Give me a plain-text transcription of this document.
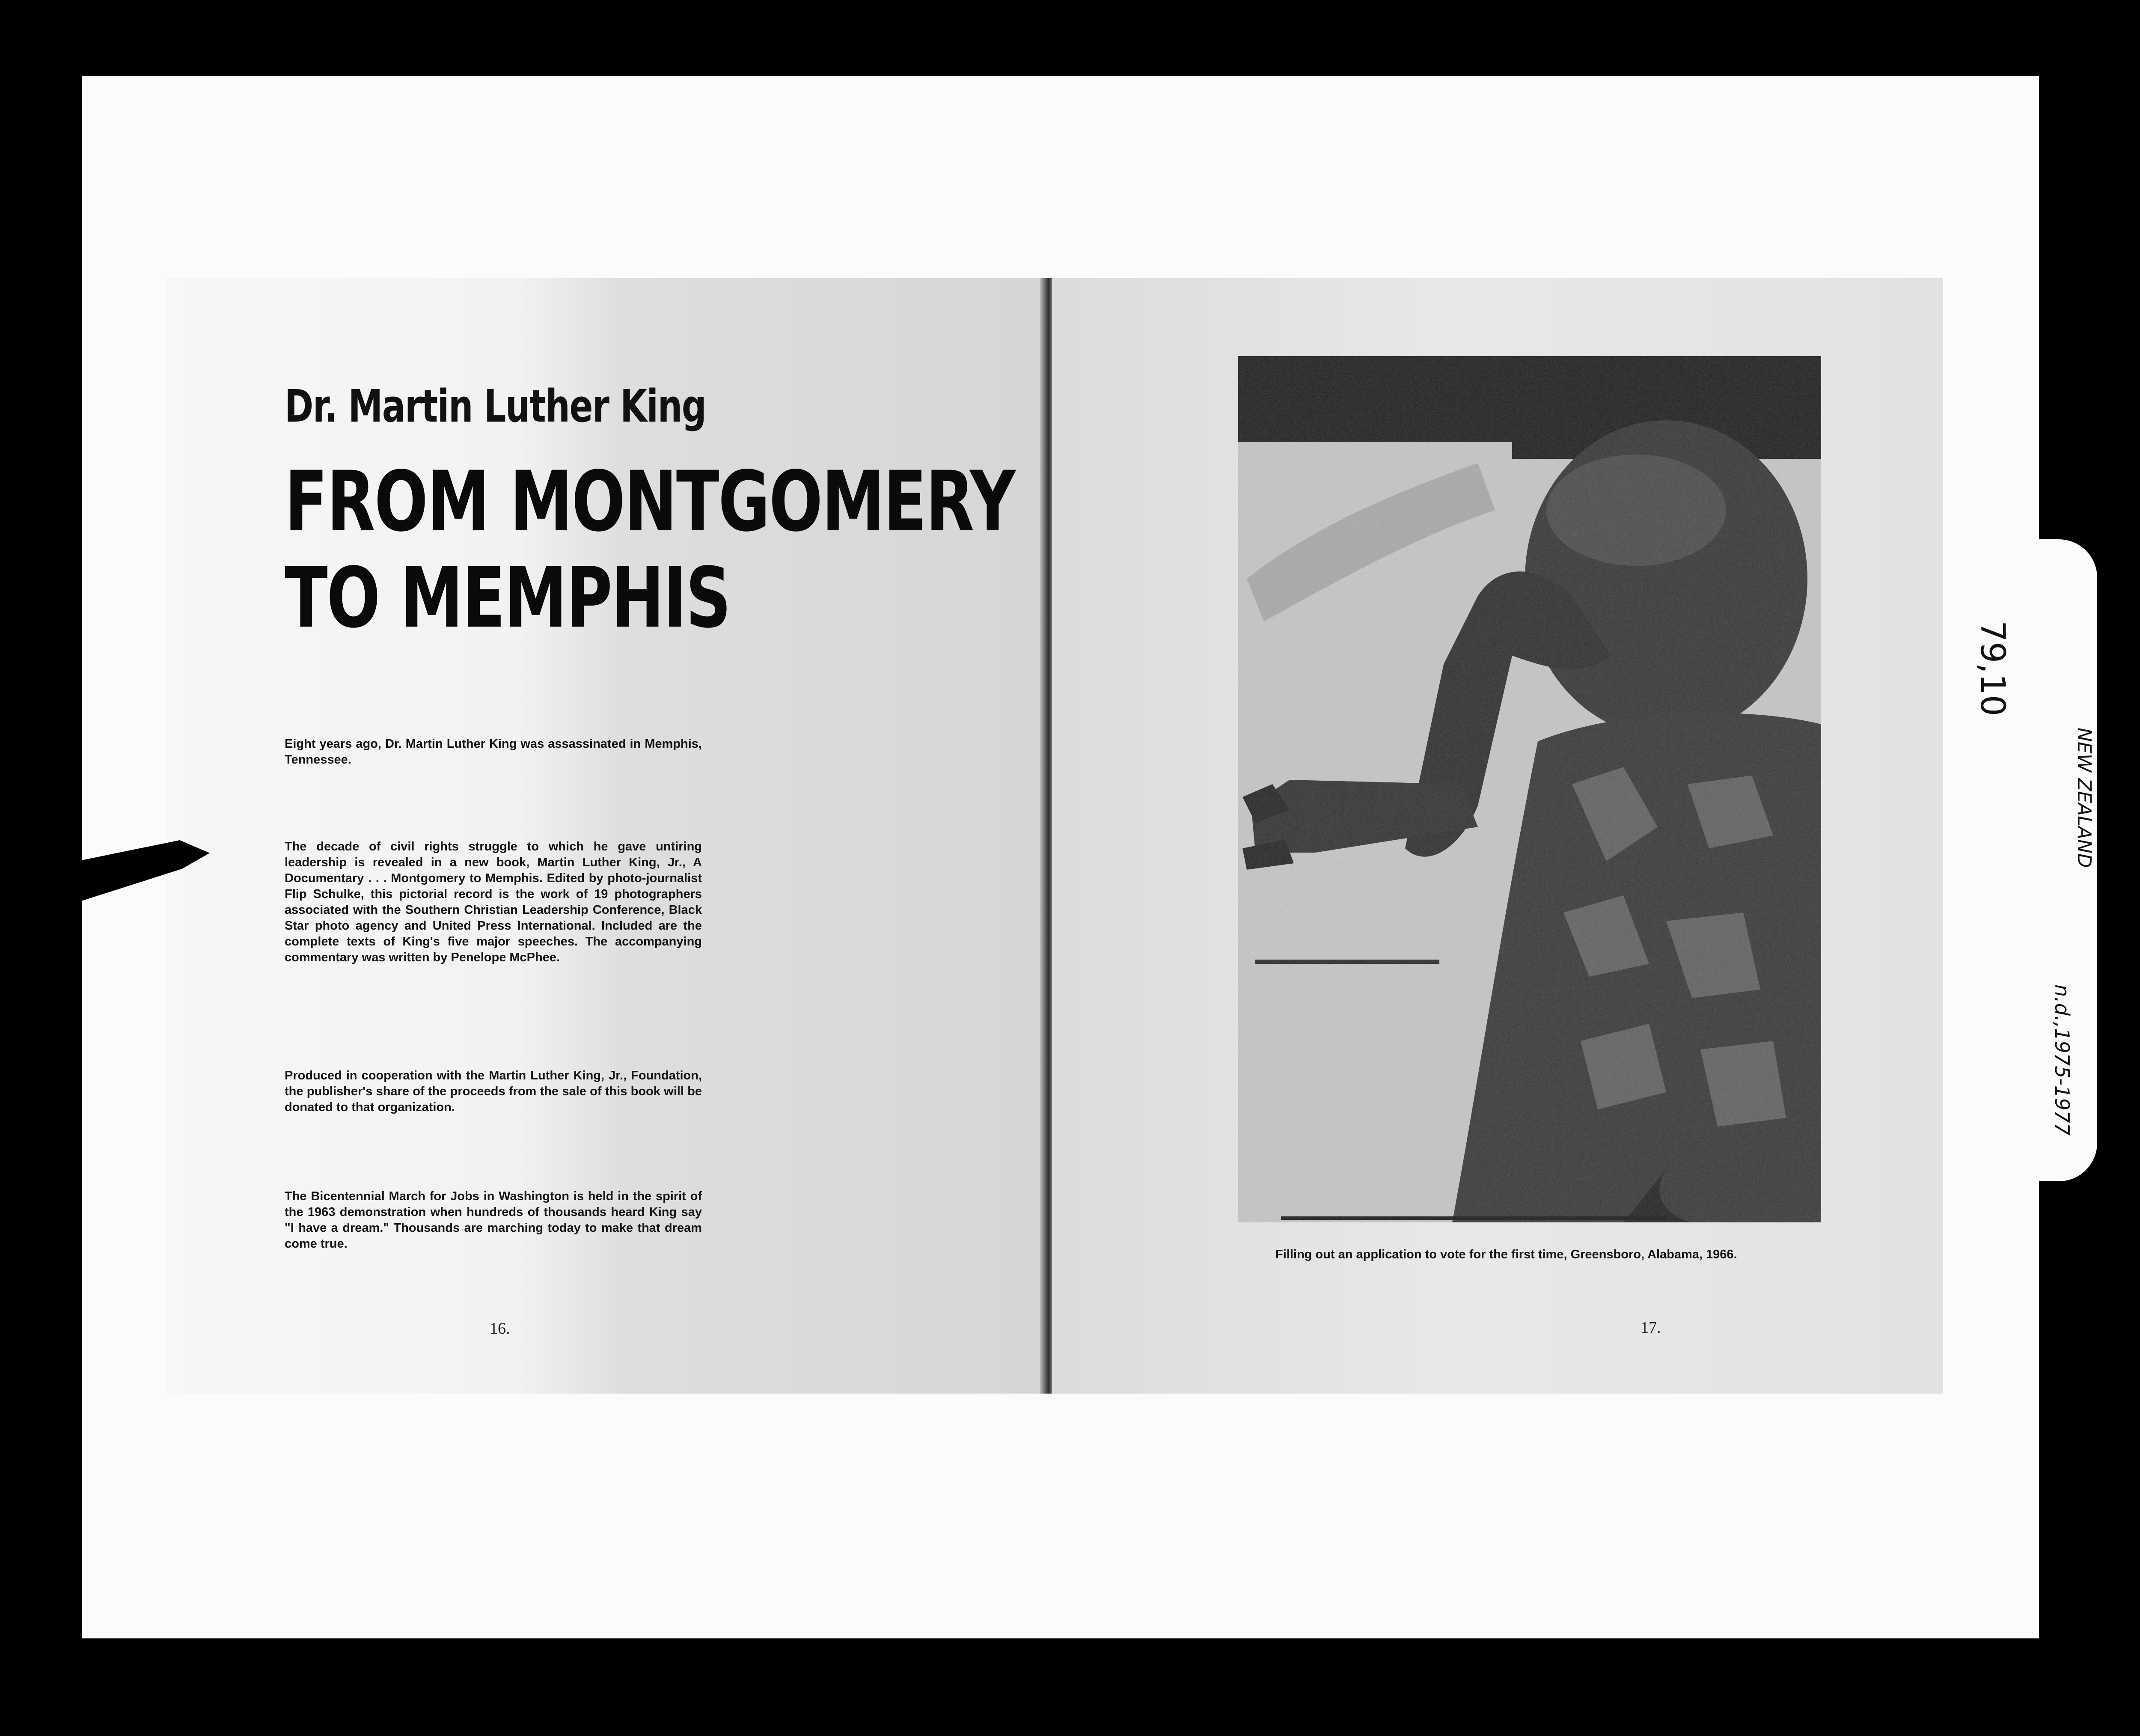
Dr. Martin Luther King
FROM MONTGOMERY
TO MEMPHIS

Eight years ago, Dr. Martin Luther King was assassinated in Memphis, Tennessee.

The decade of civil rights struggle to which he gave untiring leadership is revealed in a new book, Martin Luther King, Jr., A Documentary . . . Montgomery to Memphis. Edited by photo-journalist Flip Schulke, this pictorial record is the work of 19 photographers associated with the Southern Christian Leadership Conference, Black Star photo agency and United Press International. Included are the complete texts of King's five major speeches. The accompanying commentary was written by Penelope McPhee.

Produced in cooperation with the Martin Luther King, Jr., Foundation, the publisher's share of the proceeds from the sale of this book will be donated to that organization.

The Bicentennial March for Jobs in Washington is held in the spirit of the 1963 demonstration when hundreds of thousands heard King say "I have a dream." Thousands are marching today to make that dream come true.

16.	17.

Filling out an application to vote for the first time, Greensboro, Alabama, 1966.

79,10

NEW ZEALAND

n.d.,1975-1977
